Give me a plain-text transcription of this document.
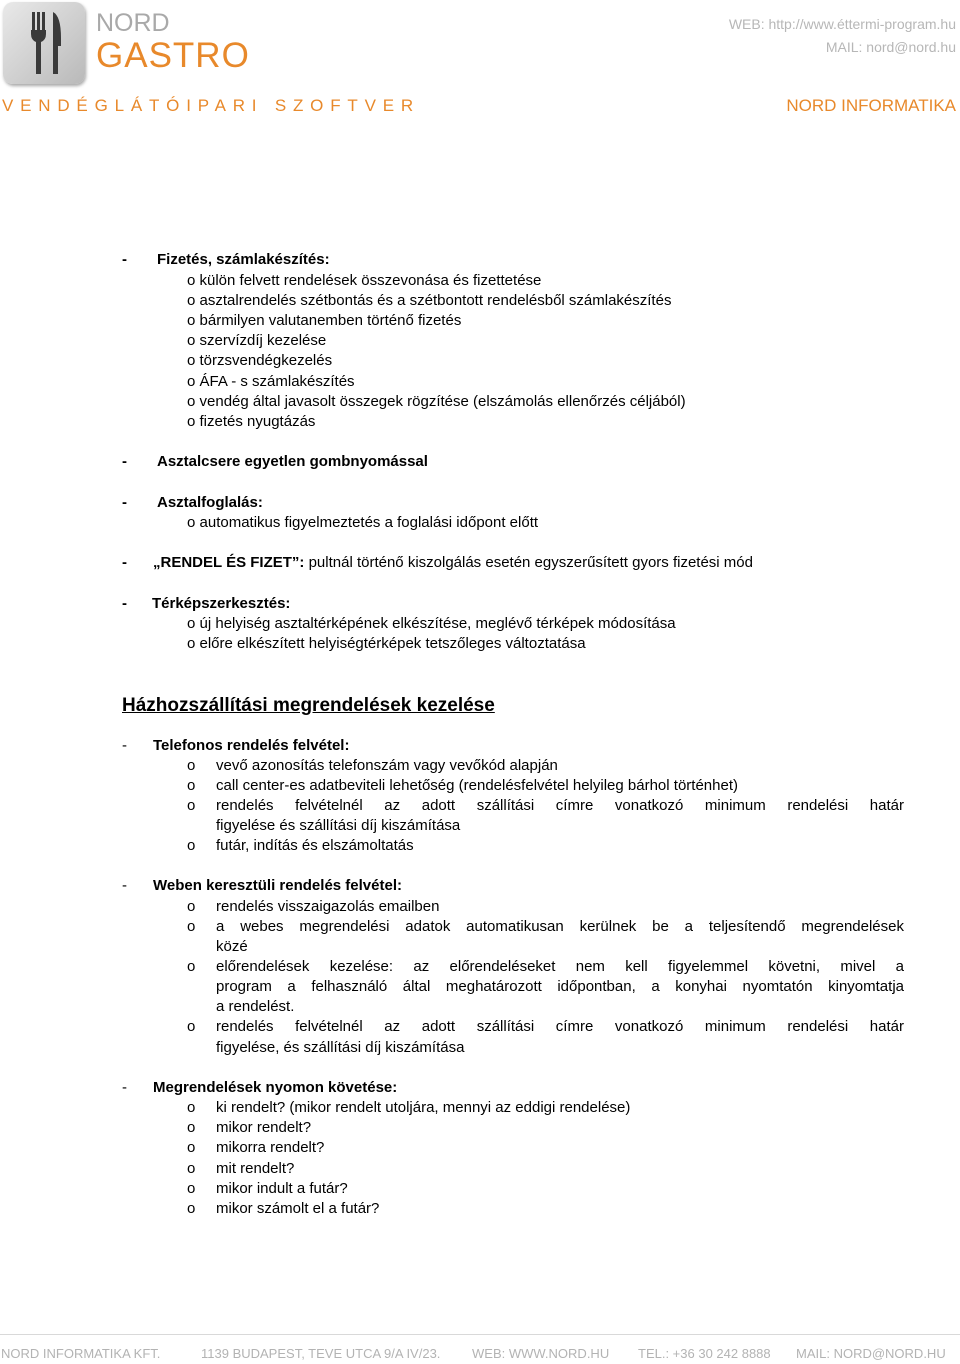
NORD
GASTRO
WEB: http://www.éttermi-program.hu
MAIL: nord@nord.hu
VENDÉGLÁTÓIPARI SZOFTVER	NORD INFORMATIKA
- Fizetés, számlakészítés:
o külön felvett rendelések összevonása és fizettetése
o asztalrendelés szétbontás és a szétbontott rendelésből számlakészítés
o bármilyen valutanemben történő fizetés
o szervízdíj kezelése
o törzsvendégkezelés
o ÁFA - s számlakészítés
o vendég által javasolt összegek rögzítése (elszámolás ellenőrzés céljából)
o fizetés nyugtázás
- Asztalcsere egyetlen gombnyomással
- Asztalfoglalás:
o automatikus figyelmeztetés a foglalási időpont előtt
- „RENDEL ÉS FIZET”: pultnál történő kiszolgálás esetén egyszerűsített gyors fizetési mód
- Térképszerkesztés:
o új helyiség asztaltérképének elkészítése, meglévő térképek módosítása
o előre elkészített helyiségtérképek tetszőleges változtatása
Házhozszállítási megrendelések kezelése
- Telefonos rendelés felvétel:
o vevő azonosítás telefonszám vagy vevőkód alapján
o call center-es adatbeviteli lehetőség (rendelésfelvétel helyileg bárhol történhet)
o rendelés felvételnél az adott szállítási címre vonatkozó minimum rendelési határ
figyelése és szállítási díj kiszámítása
o futár, indítás és elszámoltatás
- Weben keresztüli rendelés felvétel:
o rendelés visszaigazolás emailben
o a webes megrendelési adatok automatikusan kerülnek be a teljesítendő megrendelések
közé
o előrendelések kezelése: az előrendeléseket nem kell figyelemmel követni, mivel a
program a felhasználó által meghatározott időpontban, a konyhai nyomtatón kinyomtatja
a rendelést.
o rendelés felvételnél az adott szállítási címre vonatkozó minimum rendelési határ
figyelése, és szállítási díj kiszámítása
- Megrendelések nyomon követése:
o ki rendelt? (mikor rendelt utoljára, mennyi az eddigi rendelése)
o mikor rendelt?
o mikorra rendelt?
o mit rendelt?
o mikor indult a futár?
o mikor számolt el a futár?
NORD INFORMATIKA KFT.	1139 BUDAPEST, TEVE UTCA 9/A IV/23. WEB: WWW.NORD.HU TEL.: +36 30 242 8888 MAIL: NORD@NORD.HU
